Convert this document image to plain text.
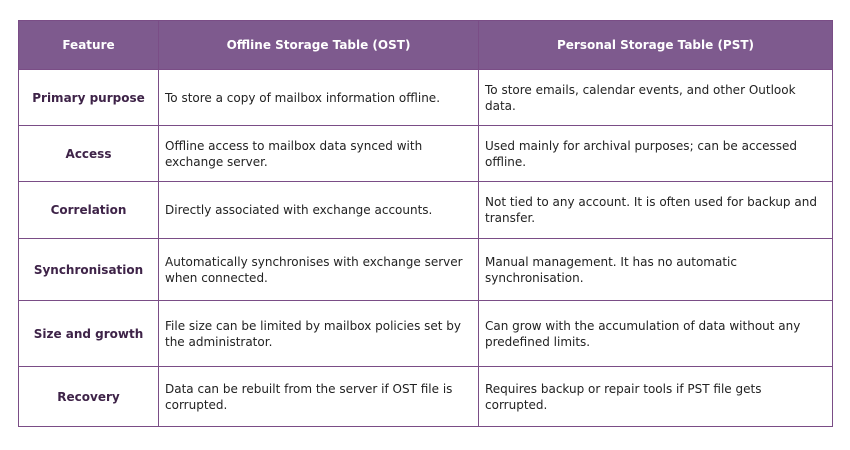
Feature	Offline Storage Table (OST)	Personal Storage Table (PST)
Primary purpose	To store a copy of mailbox information offline.	To store emails, calendar events, and other Outlook data.
Access	Offline access to mailbox data synced with exchange server.	Used mainly for archival purposes; can be accessed offline.
Correlation	Directly associated with exchange accounts.	Not tied to any account. It is often used for backup and transfer.
Synchronisation	Automatically synchronises with exchange server when connected.	Manual management. It has no automatic synchronisation.
Size and growth	File size can be limited by mailbox policies set by the administrator.	Can grow with the accumulation of data without any predefined limits.
Recovery	Data can be rebuilt from the server if OST file is corrupted.	Requires backup or repair tools if PST file gets corrupted.
